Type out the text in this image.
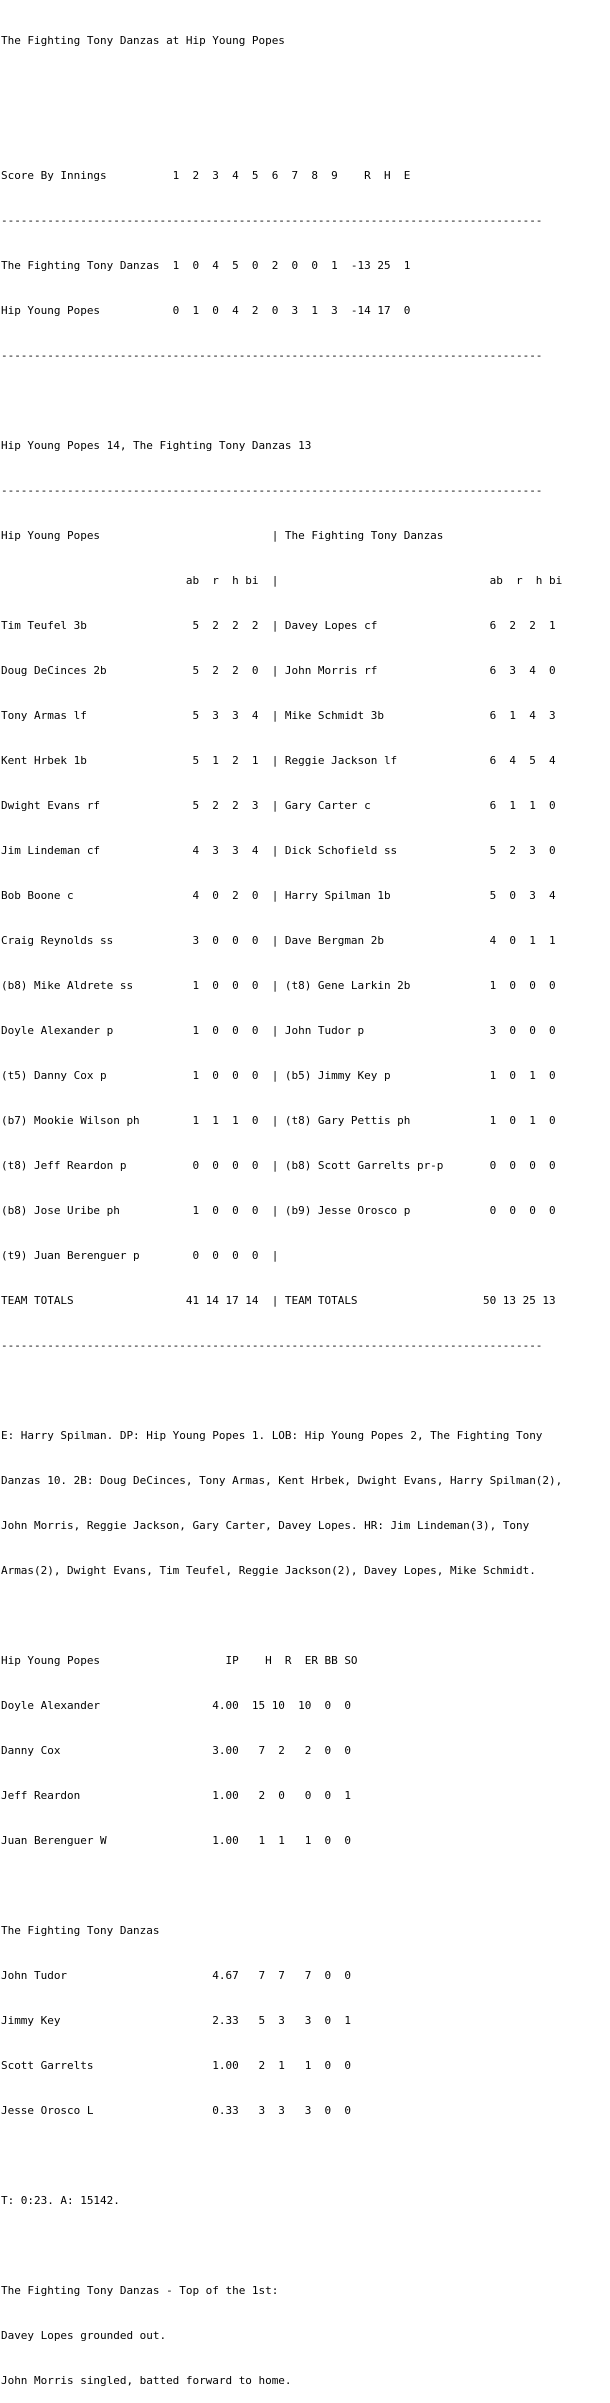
The Fighting Tony Danzas at Hip Young Popes

Score By Innings          1  2  3  4  5  6  7  8  9    R  H  E

----------------------------------------------------------------------------------

The Fighting Tony Danzas  1  0  4  5  0  2  0  0  1  -13 25  1

Hip Young Popes           0  1  0  4  2  0  3  1  3  -14 17  0

----------------------------------------------------------------------------------

Hip Young Popes 14, The Fighting Tony Danzas 13

----------------------------------------------------------------------------------

Hip Young Popes                          | The Fighting Tony Danzas

ab  r  h bi  |                                ab  r  h bi

Tim Teufel 3b                5  2  2  2  | Davey Lopes cf                 6  2  2  1

Doug DeCinces 2b             5  2  2  0  | John Morris rf                 6  3  4  0

Tony Armas lf                5  3  3  4  | Mike Schmidt 3b                6  1  4  3

Kent Hrbek 1b                5  1  2  1  | Reggie Jackson lf              6  4  5  4

Dwight Evans rf              5  2  2  3  | Gary Carter c                  6  1  1  0

Jim Lindeman cf              4  3  3  4  | Dick Schofield ss              5  2  3  0

Bob Boone c                  4  0  2  0  | Harry Spilman 1b               5  0  3  4

Craig Reynolds ss            3  0  0  0  | Dave Bergman 2b                4  0  1  1

(b8) Mike Aldrete ss         1  0  0  0  | (t8) Gene Larkin 2b            1  0  0  0

Doyle Alexander p            1  0  0  0  | John Tudor p                   3  0  0  0

(t5) Danny Cox p             1  0  0  0  | (b5) Jimmy Key p               1  0  1  0

(b7) Mookie Wilson ph        1  1  1  0  | (t8) Gary Pettis ph            1  0  1  0

(t8) Jeff Reardon p          0  0  0  0  | (b8) Scott Garrelts pr-p       0  0  0  0

(b8) Jose Uribe ph           1  0  0  0  | (b9) Jesse Orosco p            0  0  0  0

(t9) Juan Berenguer p        0  0  0  0  |

TEAM TOTALS                 41 14 17 14  | TEAM TOTALS                   50 13 25 13

----------------------------------------------------------------------------------

E: Harry Spilman. DP: Hip Young Popes 1. LOB: Hip Young Popes 2, The Fighting Tony

Danzas 10. 2B: Doug DeCinces, Tony Armas, Kent Hrbek, Dwight Evans, Harry Spilman(2),

John Morris, Reggie Jackson, Gary Carter, Davey Lopes. HR: Jim Lindeman(3), Tony

Armas(2), Dwight Evans, Tim Teufel, Reggie Jackson(2), Davey Lopes, Mike Schmidt.

Hip Young Popes                   IP    H  R  ER BB SO

Doyle Alexander                 4.00  15 10  10  0  0

Danny Cox                       3.00   7  2   2  0  0

Jeff Reardon                    1.00   2  0   0  0  1

Juan Berenguer W                1.00   1  1   1  0  0

The Fighting Tony Danzas

John Tudor                      4.67   7  7   7  0  0

Jimmy Key                       2.33   5  3   3  0  1

Scott Garrelts                  1.00   2  1   1  0  0

Jesse Orosco L                  0.33   3  3   3  0  0

T: 0:23. A: 15142.

The Fighting Tony Danzas - Top of the 1st:

Davey Lopes grounded out.

John Morris singled, batted forward to home.
